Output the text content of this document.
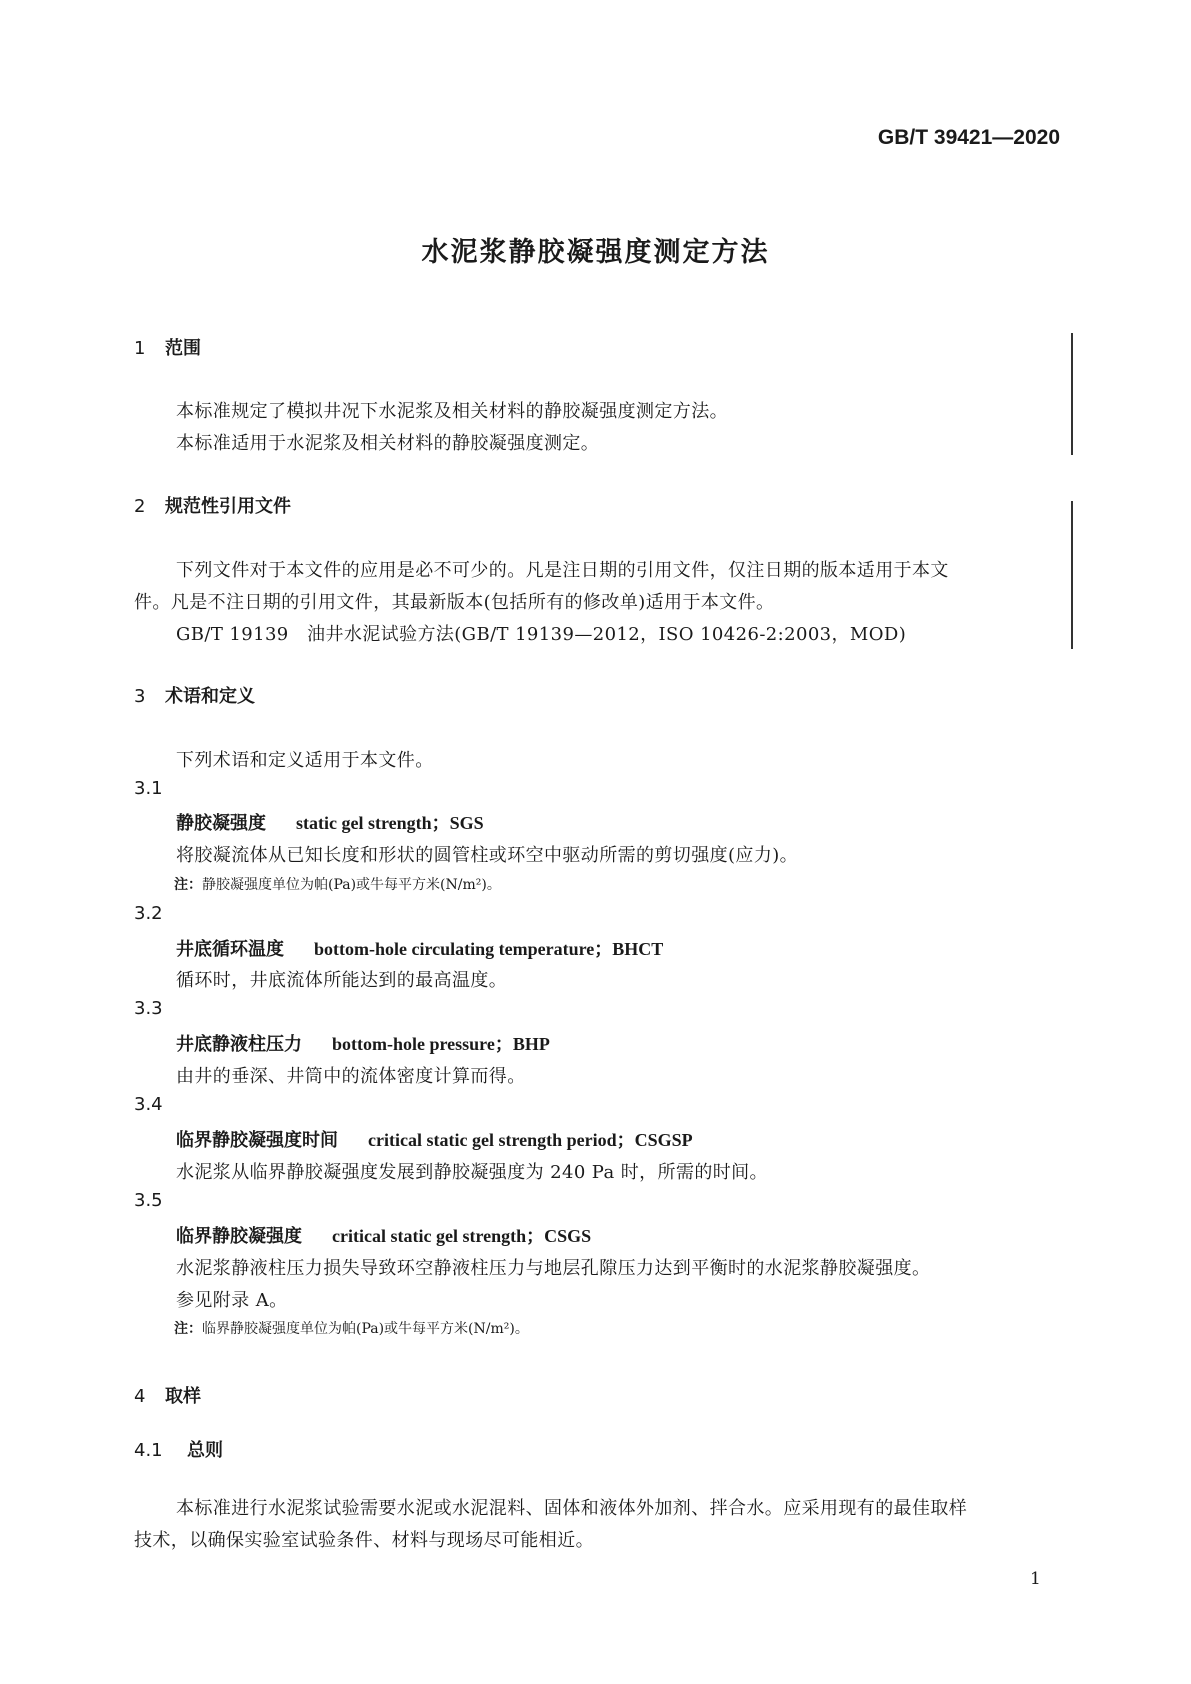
GB/T 39421—2020
水泥浆静胶凝强度测定方法
1 范围
本标准规定了模拟井况下水泥浆及相关材料的静胶凝强度测定方法。
本标准适用于水泥浆及相关材料的静胶凝强度测定。
2 规范性引用文件
下列文件对于本文件的应用是必不可少的。凡是注日期的引用文件，仅注日期的版本适用于本文
件。凡是不注日期的引用文件，其最新版本(包括所有的修改单)适用于本文件。
GB/T 19139　油井水泥试验方法(GB/T 19139—2012，ISO 10426-2:2003，MOD)
3 术语和定义
下列术语和定义适用于本文件。
3.1
静胶凝强度 static gel strength；SGS
将胶凝流体从已知长度和形状的圆管柱或环空中驱动所需的剪切强度(应力)。
注：静胶凝强度单位为帕(Pa)或牛每平方米(N/m²)。
3.2
井底循环温度 bottom-hole circulating temperature；BHCT
循环时，井底流体所能达到的最高温度。
3.3
井底静液柱压力 bottom-hole pressure；BHP
由井的垂深、井筒中的流体密度计算而得。
3.4
临界静胶凝强度时间 critical static gel strength period；CSGSP
水泥浆从临界静胶凝强度发展到静胶凝强度为 240 Pa 时，所需的时间。
3.5
临界静胶凝强度 critical static gel strength；CSGS
水泥浆静液柱压力损失导致环空静液柱压力与地层孔隙压力达到平衡时的水泥浆静胶凝强度。
参见附录 A。
注：临界静胶凝强度单位为帕(Pa)或牛每平方米(N/m²)。
4 取样
4.1 总则
本标准进行水泥浆试验需要水泥或水泥混料、固体和液体外加剂、拌合水。应采用现有的最佳取样
技术，以确保实验室试验条件、材料与现场尽可能相近。
1
